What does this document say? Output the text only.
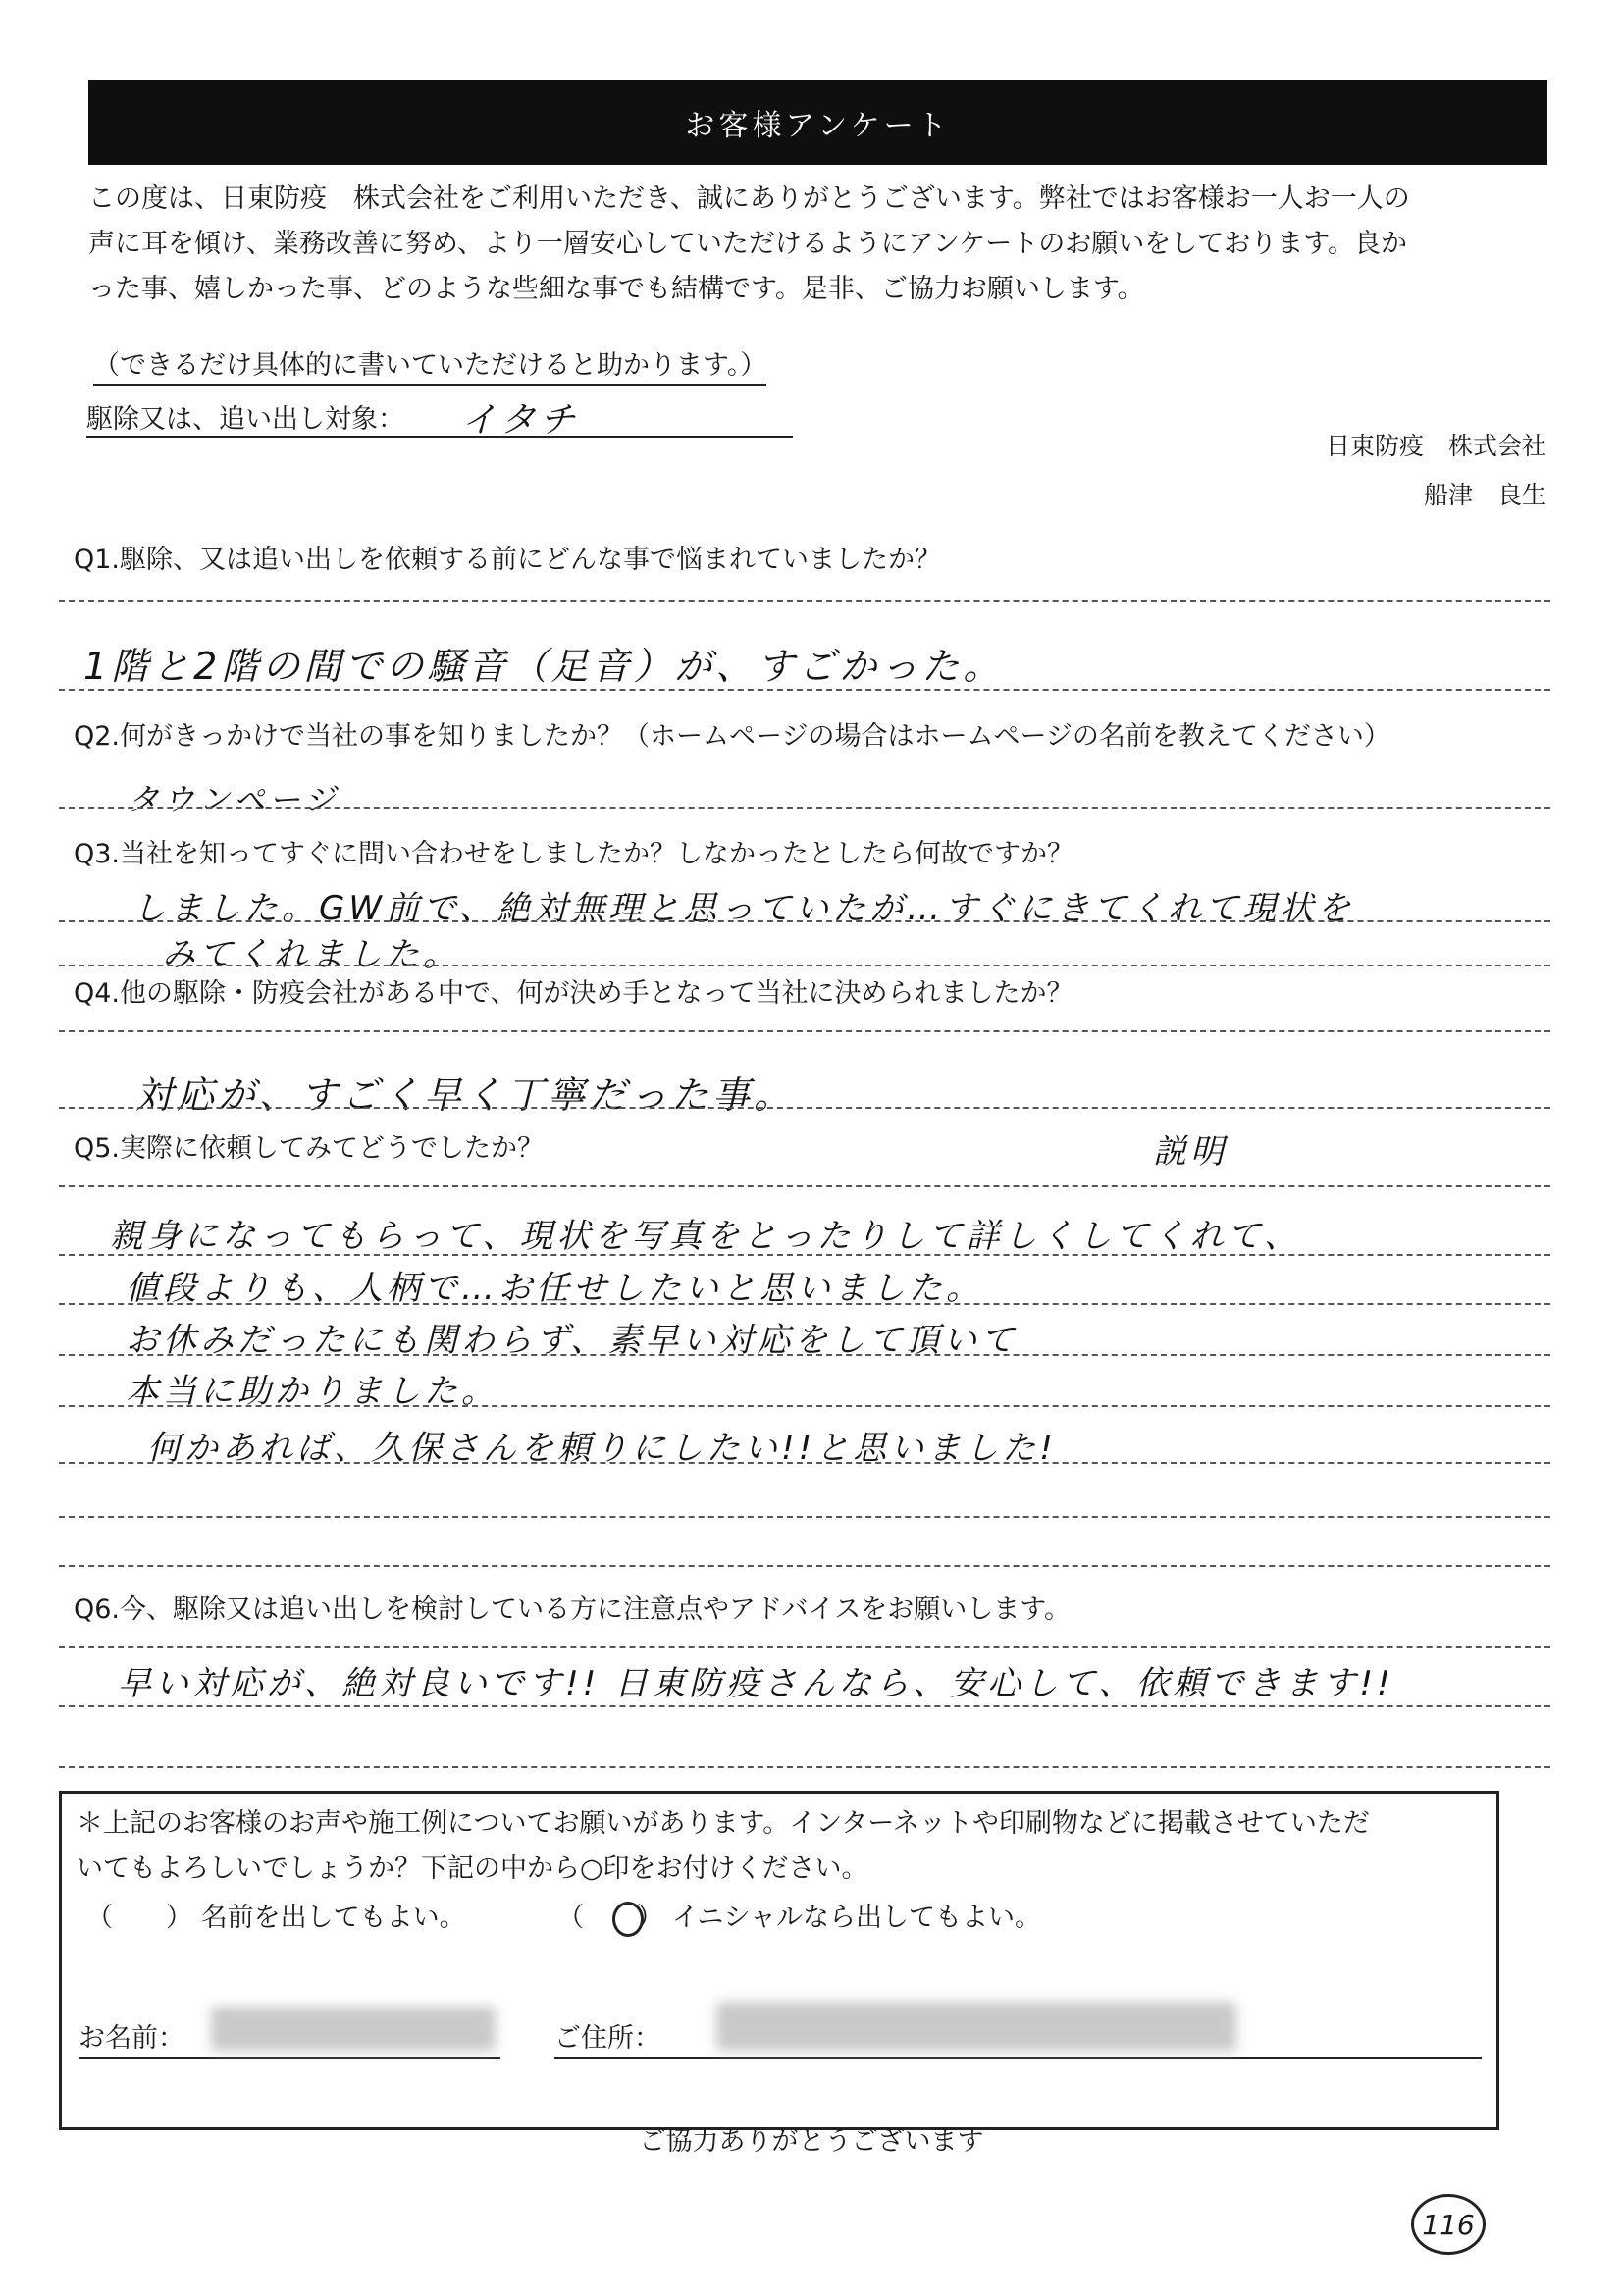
お客様アンケート
この度は、日東防疫　株式会社をご利用いただき、誠にありがとうございます。弊社ではお客様お一人お一人の
声に耳を傾け、業務改善に努め、より一層安心していただけるようにアンケートのお願いをしております。良か
った事、嬉しかった事、どのような些細な事でも結構です。是非、ご協力お願いします。
（できるだけ具体的に書いていただけると助かります。）
駆除又は、追い出し対象： イタチ
日東防疫　株式会社
船津　良生
Q1.駆除、又は追い出しを依頼する前にどんな事で悩まれていましたか？
1階と2階の間での騒音（足音）が、すごかった。
Q2.何がきっかけで当社の事を知りましたか？（ホームページの場合はホームページの名前を教えてください）
タウンページ
Q3.当社を知ってすぐに問い合わせをしましたか？しなかったとしたら何故ですか？
しました。GW前で、絶対無理と思っていたが…すぐにきてくれて現状を
みてくれました。
Q4.他の駆除・防疫会社がある中で、何が決め手となって当社に決められましたか？
対応が、すごく早く丁寧だった事。
Q5.実際に依頼してみてどうでしたか？	説明
親身になってもらって、現状を写真をとったりして詳しくしてくれて、
値段よりも、人柄で…お任せしたいと思いました。
お休みだったにも関わらず、素早い対応をして頂いて
本当に助かりました。
何かあれば、久保さんを頼りにしたい!!と思いました!
Q6.今、駆除又は追い出しを検討している方に注意点やアドバイスをお願いします。
早い対応が、絶対良いです!! 日東防疫さんなら、安心して、依頼できます!!
＊上記のお客様のお声や施工例についてお願いがあります。インターネットや印刷物などに掲載させていただ
いてもよろしいでしょうか？下記の中から○印をお付けください。
（　　） 名前を出してもよい。	（　　） イニシャルなら出してもよい。
お名前：	ご住所：
ご協力ありがとうございます
116
